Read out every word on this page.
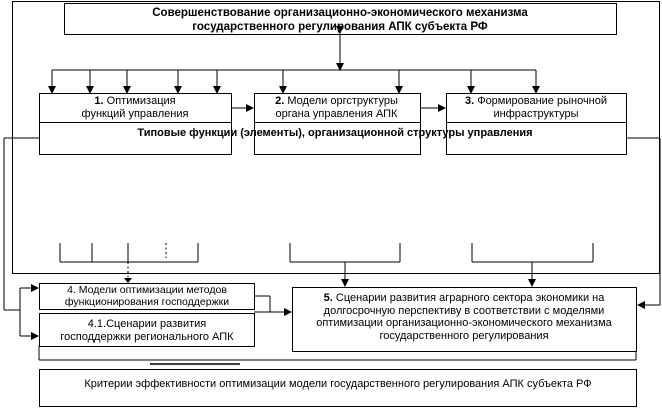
Совершенствование организационно-экономического механизма
государственного регулирования АПК субъекта РФ
1. Оптимизация
функций управления
2. Модели оргструктуры
органа управления АПК
3. Формирование рыночной
инфраструктуры
Типовые функции (элементы), организационной структуры управления
4. Модели оптимизации методов
функционирования господдержки
4.1.Сценарии развития
господдержки регионального АПК
5. Сценарии развития аграрного сектора экономики на
долгосрочную перспективу в соответствии с моделями
оптимизации организационно-экономического механизма
государственного регулирования
Критерии эффективности оптимизации модели государственного регулирования АПК субъекта РФ
